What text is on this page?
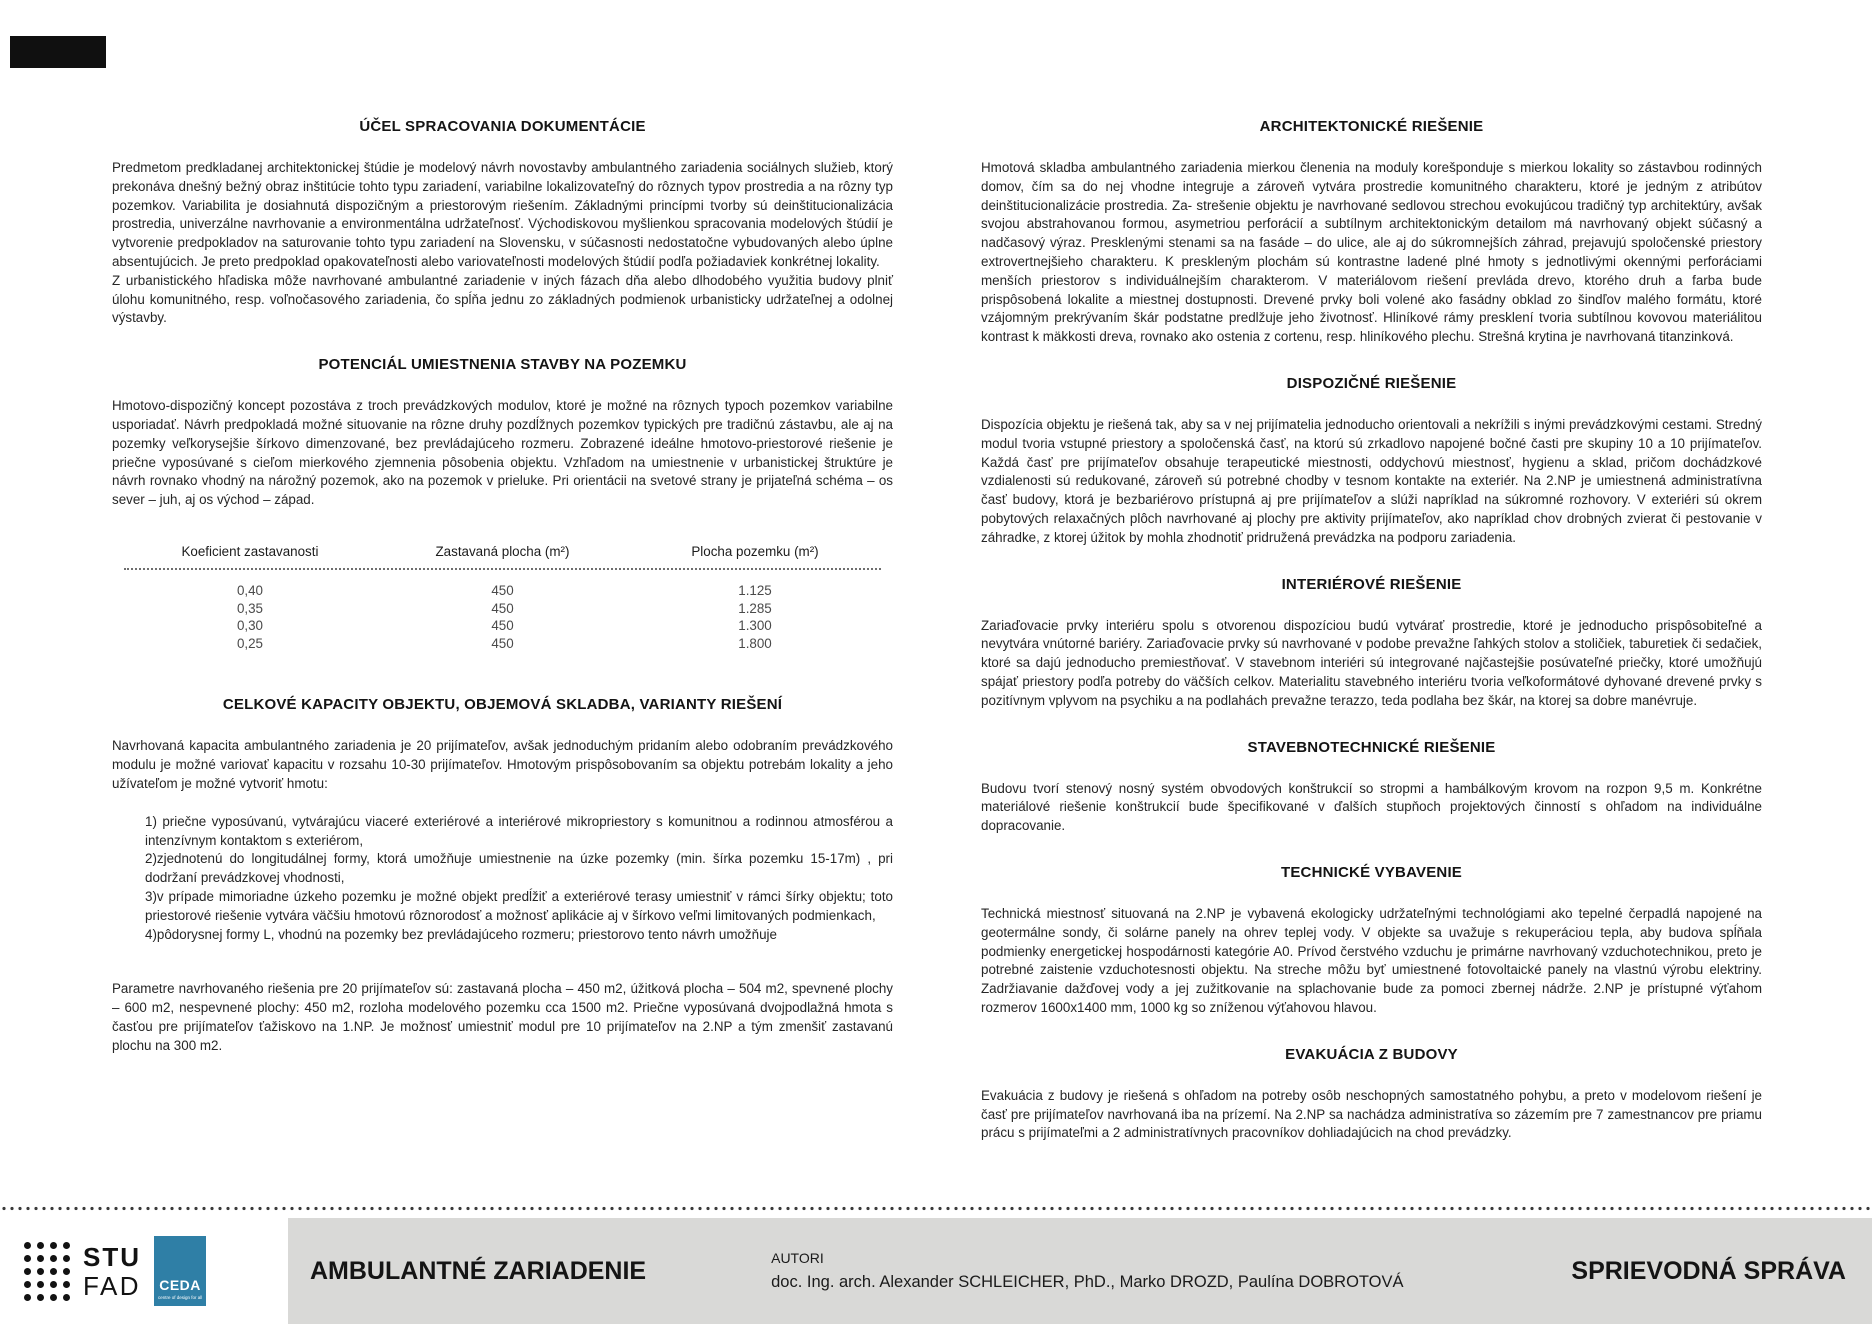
ÚČEL SPRACOVANIA DOKUMENTÁCIE

Predmetom predkladanej architektonickej štúdie je modelový návrh novostavby ambulantného zariadenia sociálnych služieb, ktorý prekonáva dnešný bežný obraz inštitúcie tohto typu zariadení, variabilne lokalizovateľný do rôznych typov prostredia a na rôzny typ pozemkov. Variabilita je dosiahnutá dispozičným a priestorovým riešením. Základnými princípmi tvorby sú deinštitucionalizácia prostredia, univerzálne navrhovanie a environmentálna udržateľnosť. Východiskovou myšlienkou spracovania modelových štúdií je vytvorenie predpokladov na saturovanie tohto typu zariadení na Slovensku, v súčasnosti nedostatočne vybudovaných alebo úplne absentujúcich. Je preto predpoklad opakovateľnosti alebo variovateľnosti modelových štúdií podľa požiadaviek konkrétnej lokality.

Z urbanistického hľadiska môže navrhované ambulantné zariadenie v iných fázach dňa alebo dlhodobého využitia budovy plniť úlohu komunitného, resp. voľnočasového zariadenia, čo spĺňa jednu zo základných podmienok urbanisticky udržateľnej a odolnej výstavby.

POTENCIÁL UMIESTNENIA STAVBY NA POZEMKU

Hmotovo-dispozičný koncept pozostáva z troch prevádzkových modulov, ktoré je možné na rôznych typoch pozemkov variabilne usporiadať. Návrh predpokladá možné situovanie na rôzne druhy pozdĺžnych pozemkov typických pre tradičnú zástavbu, ale aj na pozemky veľkorysejšie šírkovo dimenzované, bez prevládajúceho rozmeru. Zobrazené ideálne hmotovo-priestorové riešenie je priečne vyposúvané s cieľom mierkového zjemnenia pôsobenia objektu. Vzhľadom na umiestnenie v urbanistickej štruktúre je návrh rovnako vhodný na nárožný pozemok, ako na pozemok v prieluke. Pri orientácii na svetové strany je prijateľná schéma – os sever – juh, aj os východ – západ.

Koeficient zastavanosti	Zastavaná plocha (m²)	Plocha pozemku (m²)
0,40	450	1.125
0,35	450	1.285
0,30	450	1.300
0,25	450	1.800
CELKOVÉ KAPACITY OBJEKTU, OBJEMOVÁ SKLADBA, VARIANTY RIEŠENÍ

Navrhovaná kapacita ambulantného zariadenia je 20 prijímateľov, avšak jednoduchým pridaním alebo odobraním prevádzkového modulu je možné variovať kapacitu v rozsahu 10-30 prijímateľov. Hmotovým prispôsobovaním sa objektu potrebám lokality a jeho užívateľom je možné vytvoriť hmotu:

1) priečne vyposúvanú, vytvárajúcu viaceré exteriérové a interiérové mikropriestory s komunitnou a rodinnou atmosférou a intenzívnym kontaktom s exteriérom,

2)zjednotenú do longitudálnej formy, ktorá umožňuje umiestnenie na úzke pozemky (min. šírka pozemku 15-17m) , pri dodržaní prevádzkovej vhodnosti,

3)v prípade mimoriadne úzkeho pozemku je možné objekt predĺžiť a exteriérové terasy umiestniť v rámci šírky objektu; toto priestorové riešenie vytvára väčšiu hmotovú rôznorodosť a možnosť aplikácie aj v šírkovo veľmi limitovaných podmienkach,

4)pôdorysnej formy L, vhodnú na pozemky bez prevládajúceho rozmeru; priestorovo tento návrh umožňuje

Parametre navrhovaného riešenia pre 20 prijímateľov sú: zastavaná plocha – 450 m2, úžitková plocha – 504 m2, spevnené plochy – 600 m2, nespevnené plochy: 450 m2, rozloha modelového pozemku cca 1500 m2. Priečne vyposúvaná dvojpodlažná hmota s časťou pre prijímateľov ťažiskovo na 1.NP. Je možnosť umiestniť modul pre 10 prijímateľov na 2.NP a tým zmenšiť zastavanú plochu na 300 m2.

ARCHITEKTONICKÉ RIEŠENIE

Hmotová skladba ambulantného zariadenia mierkou členenia na moduly korešponduje s mierkou lokality so zástavbou rodinných domov, čím sa do nej vhodne integruje a zároveň vytvára prostredie komunitného charakteru, ktoré je jedným z atribútov deinštitucionalizácie prostredia. Za- strešenie objektu je navrhované sedlovou strechou evokujúcou tradičný typ architektúry, avšak svojou abstrahovanou formou, asymetriou perforácií a subtílnym architektonickým detailom má navrhovaný objekt súčasný a nadčasový výraz. Presklenými stenami sa na fasáde – do ulice, ale aj do súkromnejších záhrad, prejavujú spoločenské priestory extrovertnejšieho charakteru. K preskleným plochám sú kontrastne ladené plné hmoty s jednotlivými okennými perforáciami menších priestorov s individuálnejším charakterom. V materiálovom riešení prevláda drevo, ktorého druh a farba bude prispôsobená lokalite a miestnej dostupnosti. Drevené prvky boli volené ako fasádny obklad zo šindľov malého formátu, ktoré vzájomným prekrývaním škár podstatne predlžuje jeho životnosť. Hliníkové rámy presklení tvoria subtílnou kovovou materiálitou kontrast k mäkkosti dreva, rovnako ako ostenia z cortenu, resp. hliníkového plechu. Strešná krytina je navrhovaná titanzinková.

DISPOZIČNÉ RIEŠENIE

Dispozícia objektu je riešená tak, aby sa v nej prijímatelia jednoducho orientovali a nekrížili s inými prevádzkovými cestami. Stredný modul tvoria vstupné priestory a spoločenská časť, na ktorú sú zrkadlovo napojené bočné časti pre skupiny 10 a 10 prijímateľov. Každá časť pre prijímateľov obsahuje terapeutické miestnosti, oddychovú miestnosť, hygienu a sklad, pričom dochádzkové vzdialenosti sú redukované, zároveň sú potrebné chodby v tesnom kontakte na exteriér. Na 2.NP je umiestnená administratívna časť budovy, ktorá je bezbariérovo prístupná aj pre prijímateľov a slúži napríklad na súkromné rozhovory. V exteriéri sú okrem pobytových relaxačných plôch navrhované aj plochy pre aktivity prijímateľov, ako napríklad chov drobných zvierat či pestovanie v záhradke, z ktorej úžitok by mohla zhodnotiť pridružená prevádzka na podporu zariadenia.

INTERIÉROVÉ RIEŠENIE

Zariaďovacie prvky interiéru spolu s otvorenou dispozíciou budú vytvárať prostredie, ktoré je jednoducho prispôsobiteľné a nevytvára vnútorné bariéry. Zariaďovacie prvky sú navrhované v podobe prevažne ľahkých stolov a stoličiek, taburetiek či sedačiek, ktoré sa dajú jednoducho premiestňovať. V stavebnom interiéri sú integrované najčastejšie posúvateľné priečky, ktoré umožňujú spájať priestory podľa potreby do väčších celkov. Materialitu stavebného interiéru tvoria veľkoformátové dyhované drevené prvky s pozitívnym vplyvom na psychiku a na podlahách prevažne terazzo, teda podlaha bez škár, na ktorej sa dobre manévruje.

STAVEBNOTECHNICKÉ RIEŠENIE

Budovu tvorí stenový nosný systém obvodových konštrukcií so stropmi a hambálkovým krovom na rozpon 9,5 m. Konkrétne materiálové riešenie konštrukcií bude špecifikované v ďalších stupňoch projektových činností s ohľadom na individuálne dopracovanie.

TECHNICKÉ VYBAVENIE

Technická miestnosť situovaná na 2.NP je vybavená ekologicky udržateľnými technológiami ako tepelné čerpadlá napojené na geotermálne sondy, či solárne panely na ohrev teplej vody. V objekte sa uvažuje s rekuperáciou tepla, aby budova spĺňala podmienky energetickej hospodárnosti kategórie A0. Prívod čerstvého vzduchu je primárne navrhovaný vzduchotechnikou, preto je potrebné zaistenie vzduchotesnosti objektu. Na streche môžu byť umiestnené fotovoltaické panely na vlastnú výrobu elektriny. Zadržiavanie dažďovej vody a jej zužitkovanie na splachovanie bude za pomoci zbernej nádrže. 2.NP je prístupné výťahom rozmerov 1600x1400 mm, 1000 kg so zníženou výťahovou hlavou.

EVAKUÁCIA Z BUDOVY

Evakuácia z budovy je riešená s ohľadom na potreby osôb neschopných samostatného pohybu, a preto v modelovom riešení je časť pre prijímateľov navrhovaná iba na prízemí. Na 2.NP sa nachádza administratíva so zázemím pre 7 zamestnancov pre priamu prácu s prijímateľmi a 2 administratívnych pracovníkov dohliadajúcich na chod prevádzky.

STU
FAD CEDA
centre of design for all
AMBULANTNÉ ZARIADENIE	AUTORI
doc. Ing. arch. Alexander SCHLEICHER, PhD., Marko DROZD, Paulína DOBROTOVÁ	SPRIEVODNÁ SPRÁVA
